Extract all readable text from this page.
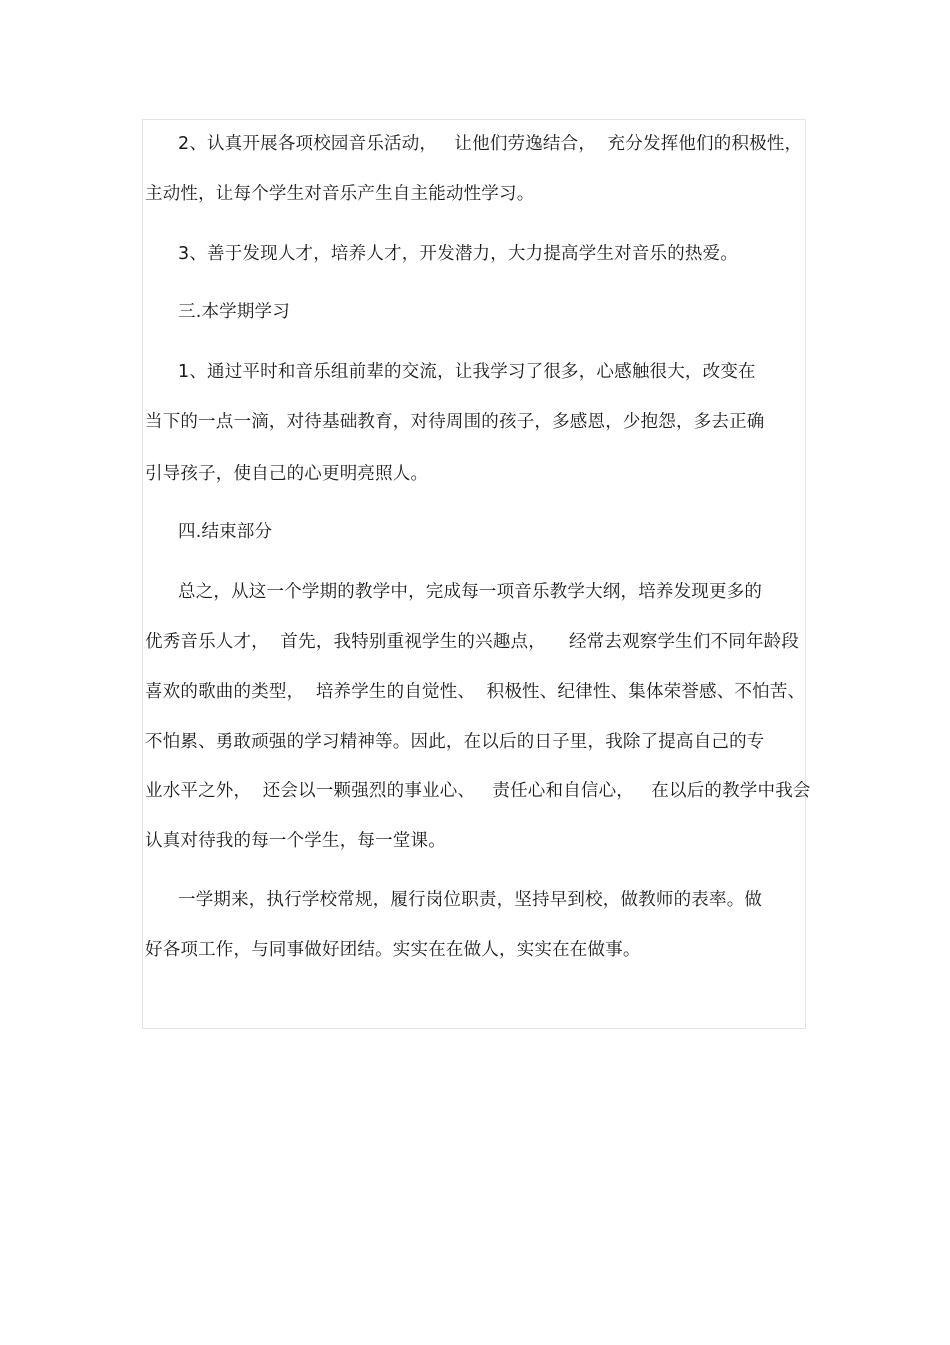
2、认真开展各项校园音乐活动，   让他们劳逸结合，  充分发挥他们的积极性，
主动性，让每个学生对音乐产生自主能动性学习。
3、善于发现人才，培养人才，开发潜力，大力提高学生对音乐的热爱。
三.本学期学习
1、通过平时和音乐组前辈的交流，让我学习了很多，心感触很大，改变在
当下的一点一滴，对待基础教育，对待周围的孩子，多感恩，少抱怨，多去正确
引导孩子，使自己的心更明亮照人。
四.结束部分
总之，从这一个学期的教学中，完成每一项音乐教学大纲，培养发现更多的
优秀音乐人才，  首先，我特别重视学生的兴趣点，    经常去观察学生们不同年龄段
喜欢的歌曲的类型，  培养学生的自觉性、  积极性、纪律性、集体荣誉感、不怕苦、
不怕累、勇敢顽强的学习精神等。因此，在以后的日子里，我除了提高自己的专
业水平之外，  还会以一颗强烈的事业心、   责任心和自信心，   在以后的教学中我会
认真对待我的每一个学生，每一堂课。
一学期来，执行学校常规，履行岗位职责，坚持早到校，做教师的表率。做
好各项工作，与同事做好团结。实实在在做人，实实在在做事。
